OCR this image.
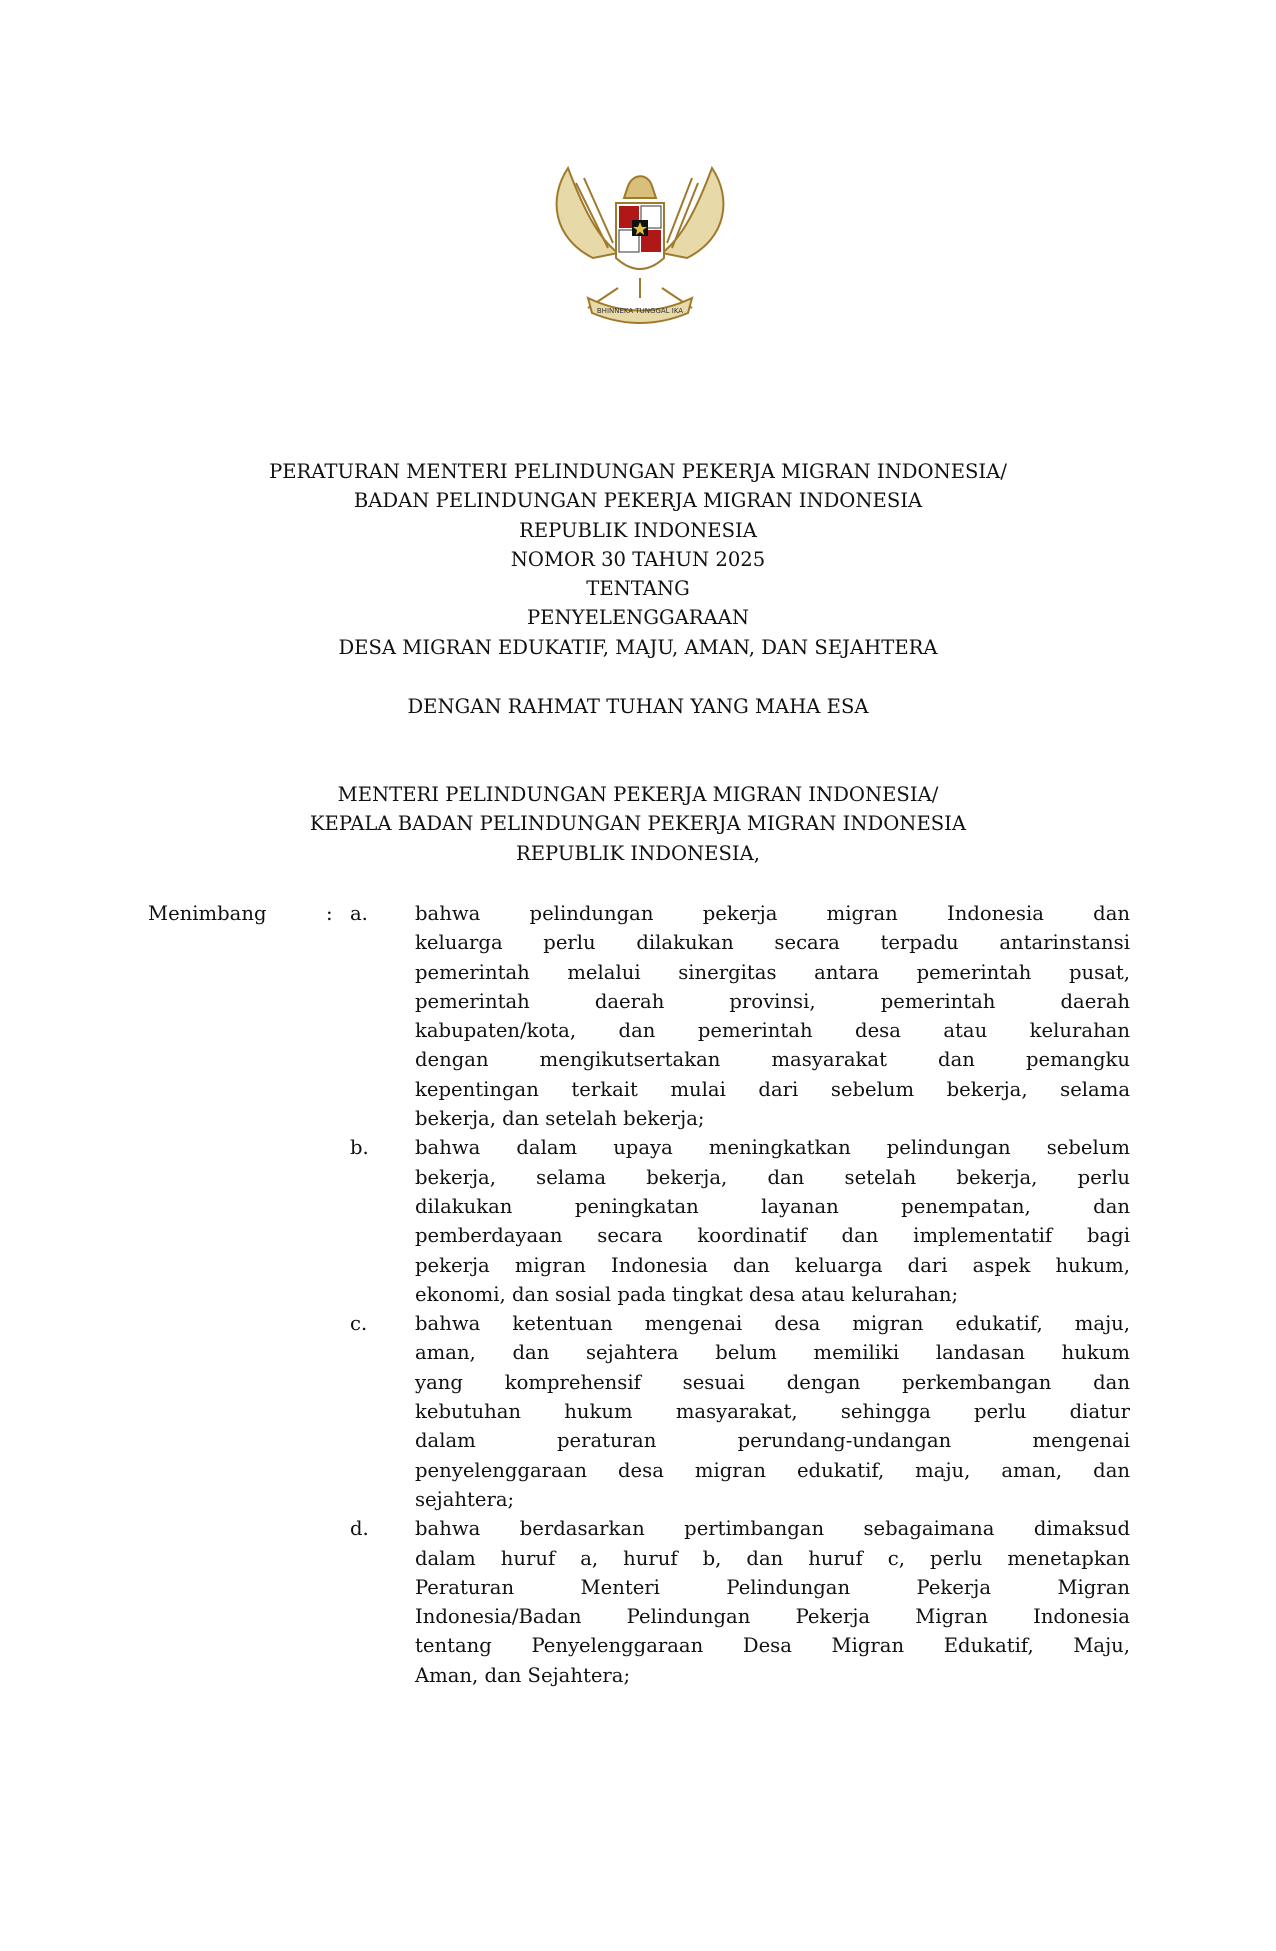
BHINNEKA TUNGGAL IKA
PERATURAN MENTERI PELINDUNGAN PEKERJA MIGRAN INDONESIA/
BADAN PELINDUNGAN PEKERJA MIGRAN INDONESIA
REPUBLIK INDONESIA
NOMOR 30 TAHUN 2025
TENTANG
PENYELENGGARAAN
DESA MIGRAN EDUKATIF, MAJU, AMAN, DAN SEJAHTERA
DENGAN RAHMAT TUHAN YANG MAHA ESA
MENTERI PELINDUNGAN PEKERJA MIGRAN INDONESIA/
KEPALA BADAN PELINDUNGAN PEKERJA MIGRAN INDONESIA
REPUBLIK INDONESIA,
Menimbang	: a.	bahwa pelindungan pekerja migran Indonesia dan
keluarga perlu dilakukan secara terpadu antarinstansi
pemerintah melalui sinergitas antara pemerintah pusat,
pemerintah daerah provinsi, pemerintah daerah
kabupaten/kota, dan pemerintah desa atau kelurahan
dengan mengikutsertakan masyarakat dan pemangku
kepentingan terkait mulai dari sebelum bekerja, selama
bekerja, dan setelah bekerja;
b.	bahwa dalam upaya meningkatkan pelindungan sebelum
bekerja, selama bekerja, dan setelah bekerja, perlu
dilakukan peningkatan layanan penempatan, dan
pemberdayaan secara koordinatif dan implementatif bagi
pekerja migran Indonesia dan keluarga dari aspek hukum,
ekonomi, dan sosial pada tingkat desa atau kelurahan;
c.	bahwa ketentuan mengenai desa migran edukatif, maju,
aman, dan sejahtera belum memiliki landasan hukum
yang komprehensif sesuai dengan perkembangan dan
kebutuhan hukum masyarakat, sehingga perlu diatur
dalam peraturan perundang-undangan mengenai
penyelenggaraan desa migran edukatif, maju, aman, dan
sejahtera;
d.	bahwa berdasarkan pertimbangan sebagaimana dimaksud
dalam huruf a, huruf b, dan huruf c, perlu menetapkan
Peraturan Menteri Pelindungan Pekerja Migran
Indonesia/Badan Pelindungan Pekerja Migran Indonesia
tentang Penyelenggaraan Desa Migran Edukatif, Maju,
Aman, dan Sejahtera;
